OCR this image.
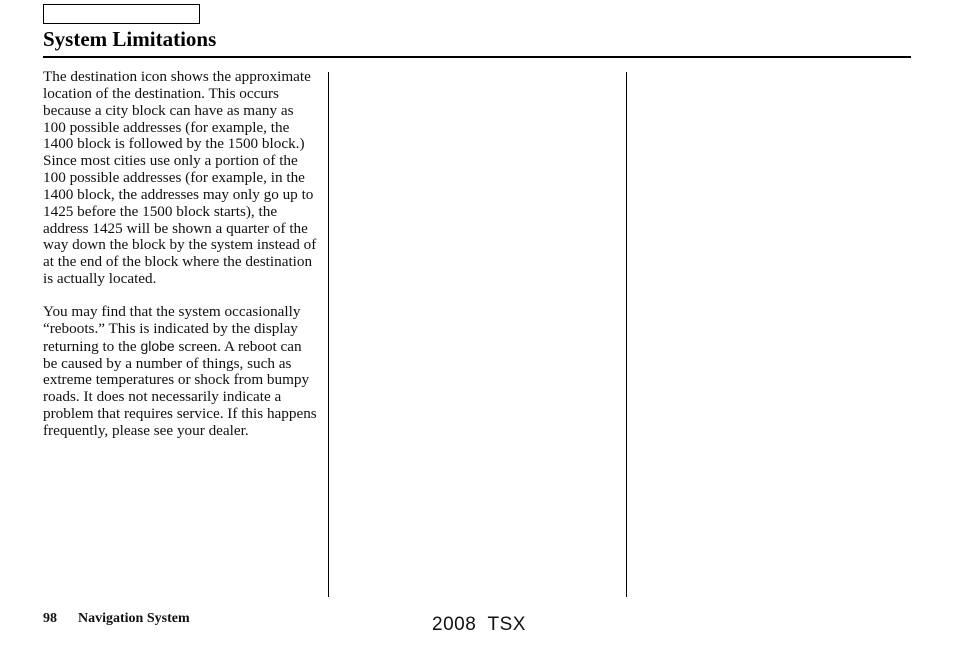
System Limitations

The destination icon shows the approximate location of the destination. This occurs because a city block can have as many as 100 possible addresses (for example, the 1400 block is followed by the 1500 block.) Since most cities use only a portion of the 100 possible addresses (for example, in the 1400 block, the addresses may only go up to 1425 before the 1500 block starts), the address 1425 will be shown a quarter of the way down the block by the system instead of at the end of the block where the destination is actually located.

You may find that the system occasionally “reboots.” This is indicated by the display returning to the globe screen. A reboot can be caused by a number of things, such as extreme temperatures or shock from bumpy roads. It does not necessarily indicate a problem that requires service. If this happens frequently, please see your dealer.

98 Navigation System	2008  TSX
